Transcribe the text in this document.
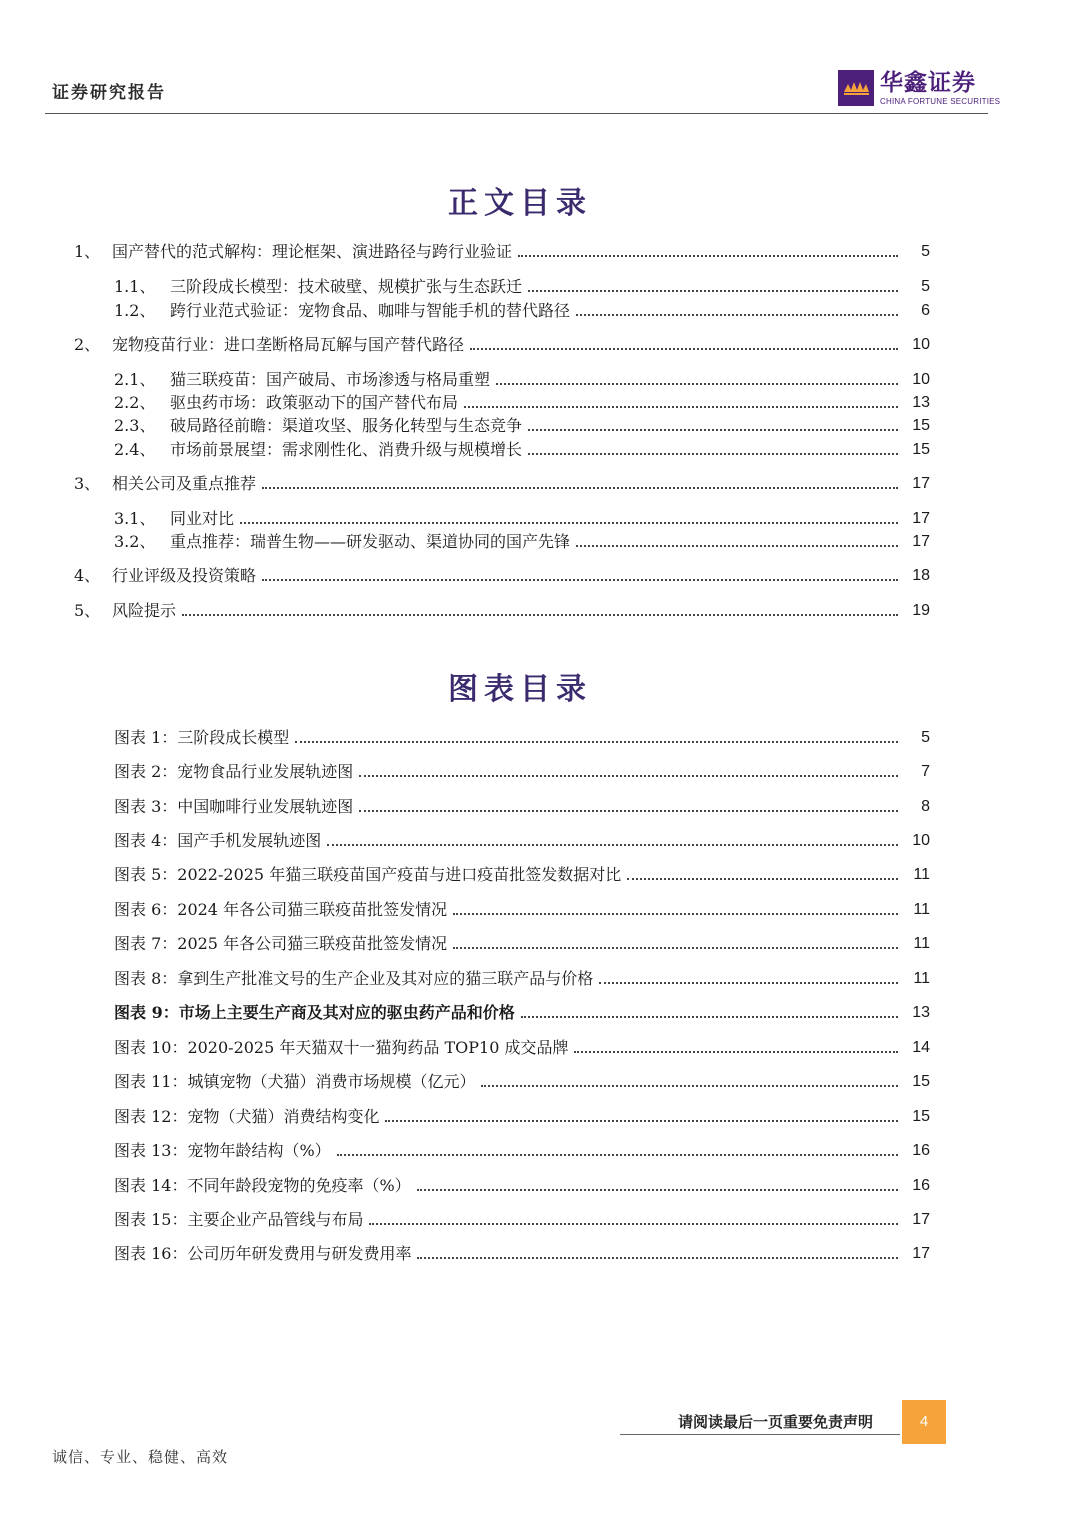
证券研究报告	华鑫证券
CHINA FORTUNE SECURITIES
正文目录
1、 国产替代的范式解构：理论框架、演进路径与跨行业验证	5
1.1、 三阶段成长模型：技术破壁、规模扩张与生态跃迁	5
1.2、 跨行业范式验证：宠物食品、咖啡与智能手机的替代路径	6
2、 宠物疫苗行业：进口垄断格局瓦解与国产替代路径	10
2.1、 猫三联疫苗：国产破局、市场渗透与格局重塑	10
2.2、 驱虫药市场：政策驱动下的国产替代布局	13
2.3、 破局路径前瞻：渠道攻坚、服务化转型与生态竞争	15
2.4、 市场前景展望：需求刚性化、消费升级与规模增长	15
3、 相关公司及重点推荐	17
3.1、 同业对比	17
3.2、 重点推荐：瑞普生物——研发驱动、渠道协同的国产先锋	17
4、 行业评级及投资策略	18
5、 风险提示	19
图表目录
图表 1：三阶段成长模型	5
图表 2：宠物食品行业发展轨迹图	7
图表 3：中国咖啡行业发展轨迹图	8
图表 4：国产手机发展轨迹图	10
图表 5：2022-2025 年猫三联疫苗国产疫苗与进口疫苗批签发数据对比	11
图表 6：2024 年各公司猫三联疫苗批签发情况	11
图表 7：2025 年各公司猫三联疫苗批签发情况	11
图表 8：拿到生产批准文号的生产企业及其对应的猫三联产品与价格	11
图表 9：市场上主要生产商及其对应的驱虫药产品和价格	13
图表 10：2020-2025 年天猫双十一猫狗药品 TOP10 成交品牌	14
图表 11：城镇宠物（犬猫）消费市场规模（亿元）	15
图表 12：宠物（犬猫）消费结构变化	15
图表 13：宠物年龄结构（%）	16
图表 14：不同年龄段宠物的免疫率（%）	16
图表 15：主要企业产品管线与布局	17
图表 16：公司历年研发费用与研发费用率	17
请阅读最后一页重要免责声明	4
诚信、专业、稳健、高效
